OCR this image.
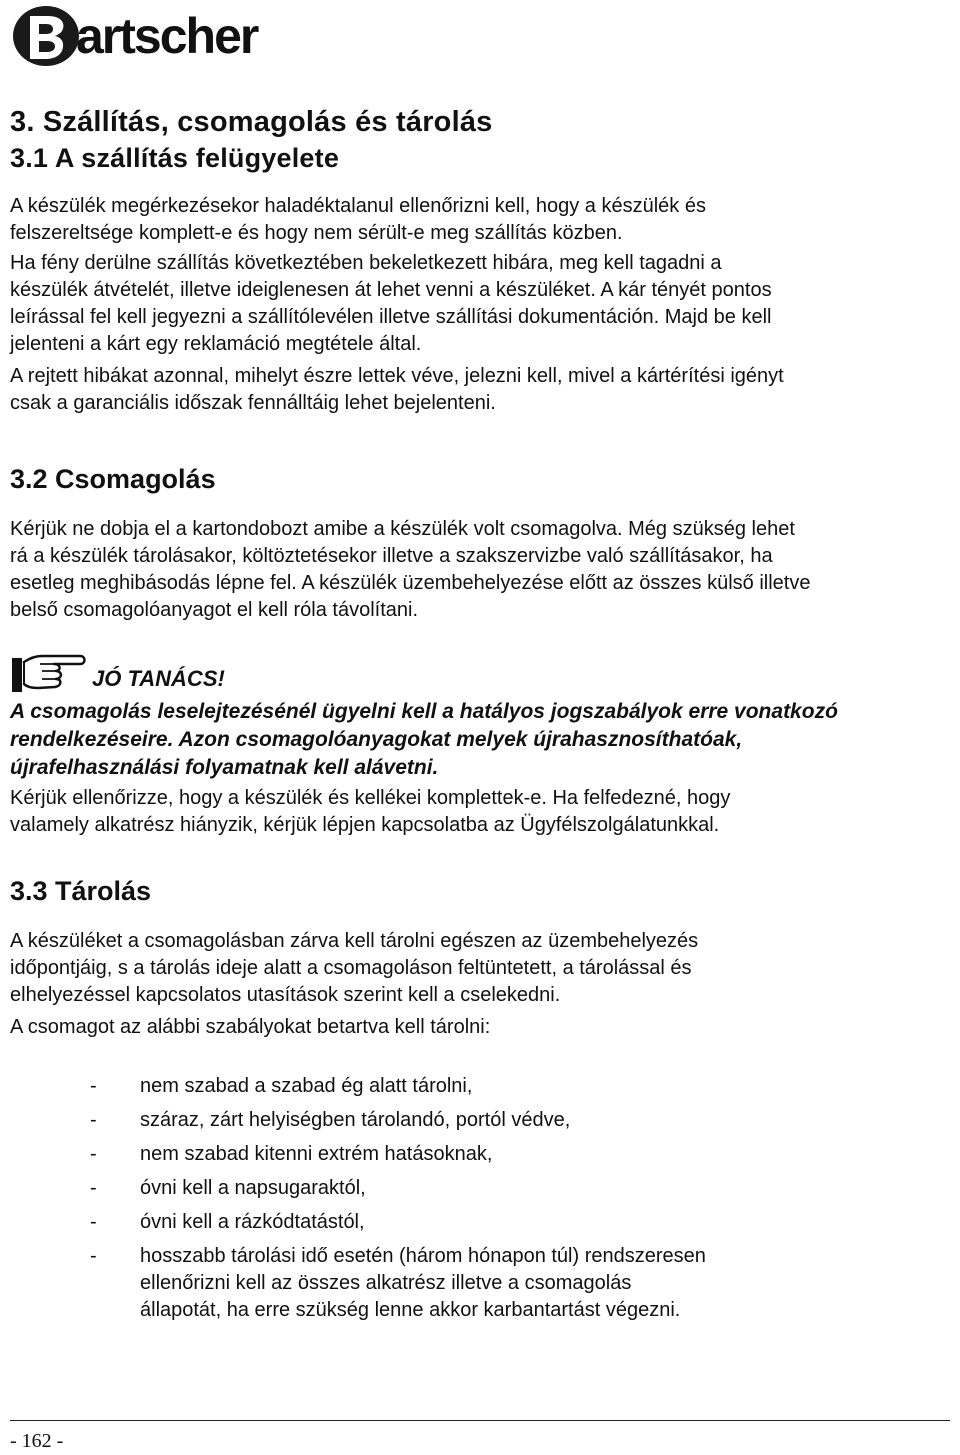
artscher
3. Szállítás, csomagolás és tárolás
3.1 A szállítás felügyelete
A készülék megérkezésekor haladéktalanul ellenőrizni kell, hogy a készülék és
felszereltsége komplett-e és hogy nem sérült-e meg szállítás közben.
Ha fény derülne szállítás következtében bekeletkezett hibára, meg kell tagadni a
készülék átvételét, illetve ideiglenesen át lehet venni a készüléket. A kár tényét pontos
leírással fel kell jegyezni a szállítólevélen illetve szállítási dokumentáción. Majd be kell
jelenteni a kárt egy reklamáció megtétele által.
A rejtett hibákat azonnal, mihelyt észre lettek véve, jelezni kell, mivel a kártérítési igényt
csak a garanciális időszak fennálltáig lehet bejelenteni.
3.2 Csomagolás
Kérjük ne dobja el a kartondobozt amibe a készülék volt csomagolva. Még szükség lehet
rá a készülék tárolásakor, költöztetésekor illetve a szakszervizbe való szállításakor, ha
esetleg meghibásodás lépne fel. A készülék üzembehelyezése előtt az összes külső illetve
belső csomagolóanyagot el kell róla távolítani.
JÓ TANÁCS!
A csomagolás leselejtezésénél ügyelni kell a hatályos jogszabályok erre vonatkozó
rendelkezéseire. Azon csomagolóanyagokat melyek újrahasznosíthatóak,
újrafelhasználási folyamatnak kell alávetni.
Kérjük ellenőrizze, hogy a készülék és kellékei komplettek-e. Ha felfedezné, hogy
valamely alkatrész hiányzik, kérjük lépjen kapcsolatba az Ügyfélszolgálatunkkal.
3.3 Tárolás
A készüléket a csomagolásban zárva kell tárolni egészen az üzembehelyezés
időpontjáig, s a tárolás ideje alatt a csomagoláson feltüntetett, a tárolással és
elhelyezéssel kapcsolatos utasítások szerint kell a cselekedni.
A csomagot az alábbi szabályokat betartva kell tárolni:
- nem szabad a szabad ég alatt tárolni,
- száraz, zárt helyiségben tárolandó, portól védve,
- nem szabad kitenni extrém hatásoknak,
- óvni kell a napsugaraktól,
- óvni kell a rázkódtatástól,
- hosszabb tárolási idő esetén (három hónapon túl) rendszeresen
ellenőrizni kell az összes alkatrész illetve a csomagolás
állapotát, ha erre szükség lenne akkor karbantartást végezni.
- 162 -
